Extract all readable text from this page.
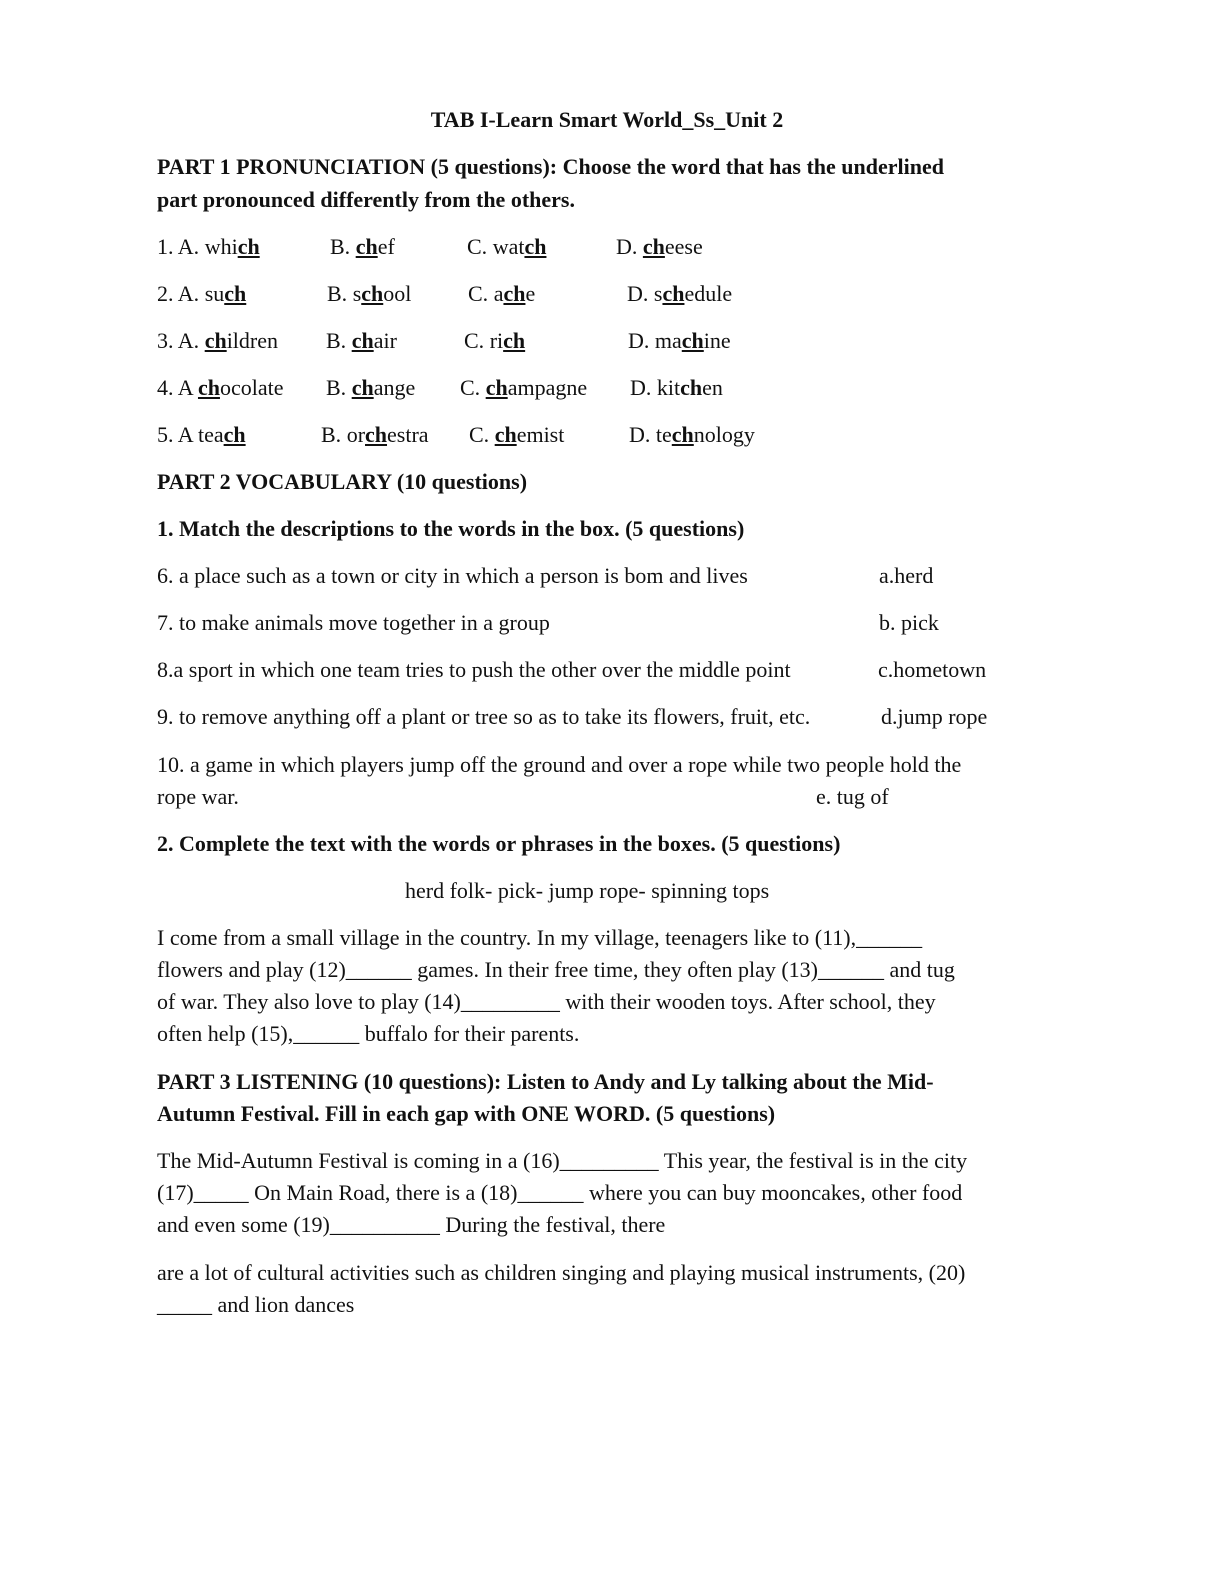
TAB I-Learn Smart World_Ss_Unit 2
PART 1 PRONUNCIATION (5 questions): Choose the word that has the underlined
part pronounced differently from the others.
1. A. which	B. chef	C. watch	D. cheese
2. A. such	B. school	C. ache	D. schedule
3. A. children B. chair	C. rich	D. machine
4. A chocolate B. change C. champagne D. kitchen
5. A teach	B. orchestra C. chemist	D. technology
PART 2 VOCABULARY (10 questions)
1. Match the descriptions to the words in the box. (5 questions)
6. a place such as a town or city in which a person is bom and lives	a.herd
7. to make animals move together in a group	b. pick
8.a sport in which one team tries to push the other over the middle point	c.hometown
9. to remove anything off a plant or tree so as to take its flowers, fruit, etc.	d.jump rope
10. a game in which players jump off the ground and over a rope while two people hold the
rope war.	e. tug of
2. Complete the text with the words or phrases in the boxes. (5 questions)
herd folk- pick- jump rope- spinning tops
I come from a small village in the country. In my village, teenagers like to (11),______
flowers and play (12)______ games. In their free time, they often play (13)______ and tug
of war. They also love to play (14)_________ with their wooden toys. After school, they
often help (15),______ buffalo for their parents.
PART 3 LISTENING (10 questions): Listen to Andy and Ly talking about the Mid-
Autumn Festival. Fill in each gap with ONE WORD. (5 questions)
The Mid-Autumn Festival is coming in a (16)_________ This year, the festival is in the city
(17)_____ On Main Road, there is a (18)______ where you can buy mooncakes, other food
and even some (19)__________ During the festival, there
are a lot of cultural activities such as children singing and playing musical instruments, (20)
_____ and lion dances
